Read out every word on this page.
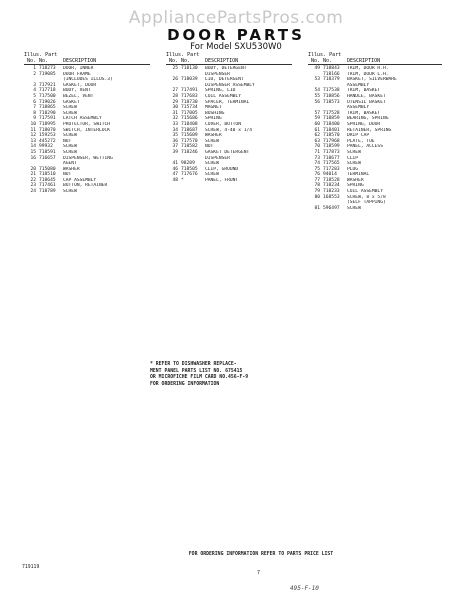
AppliancePartsPros.com
DOOR PARTS
For Model SXU530W0
Illus. Part
No. No.	DESCRIPTION
1 718273	DOOR, INNER
2 719085	DOOR FRAME
(INCLUDES ILLUS.3)
3 717921	GASKET, DOOR
4 717718	BODY, VENT
5 717500	BEZEL, VENT
6 719026	GASKET
7 718865	SCREW
8 718290	SCREW
9 717591	LATCH ASSEMBLY
10 718995	PROTECTOR, SWITCH
11 718070	SWITCH, INTERLOCK
12 159253	SCREW
13 445272	NUT
14 99932	SCREW
15 718591	SCREW
16 716657	DISPENSER, WETTING
AGENT
20 715080	WASHER
21 718510	NUT
22 718645	CAP ASSEMBLY
23 717461	BUTTON, RETAINER
24 718789	SCREW
Illus. Part
No. No.	DESCRIPTION
25 718130	BODY, DETERGENT
DISPENSER
26 718039	LID, DETERGENT
DISPENSER ASSEMBLY
27 717491	SPRING, LID
28 717683	COIL ASSEMBLY
29 718730	SPACER, TERMINAL
30 715734	MAGNET
31 717005	BUSHING
32 715686	SPRING
33 718408	COVER, BUTTON
34 718687	SCREW, 4-40 x 1/4
35 715609	WASHER
36 717570	SCREW
37 718582	NUT
39 718246	GASKET DETERGENT
DISPENSER
41 98209	SCREW
46 718505	CLIP, GROUND
47 717676	SCREW
48 *	PANEL, FRONT
Illus. Part
No. No.	DESCRIPTION
49 718843	TRIM, DOOR R.H.
718166	TRIM, DOOR L.H.
53 718379	BASKET, SILVERWARE
ASSEMBLY
54 717538	TRIM, BASKET
55 718856	HANDLE, BASKET
56 718573	UTENSIL BASKET
ASSEMBLY
57 717528	TRIM, BASKET
59 718859	BEARING, SPRING
60 718400	SPRING, DOOR
61 718401	RETAINER, SPRING
62 718570	DRIP CAP
63 717968	PLATE, TOE
70 718599	PANEL, ACCESS
71 717873	SCREW
73 718677	CLIP
74 717565	SCREW
75 717283	PLUG
76 94014	TERMINAL
77 718528	WASHER
78 718234	SPRING
79 718233	COIL ASSEMBLY
80 168553	SCREW, 8 x 5/8
(SELF TAPPING)
81 596497	SCREW
* REFER TO DISHWASHER REPLACE-
MENT PANEL PARTS LIST NO. 675415
OR MICROFICHE FILM CARD NO.456-F-9
FOR ORDERING INFORMATION
FOR ORDERING INFORMATION REFER TO PARTS PRICE LIST
719119
7
495-F-10
